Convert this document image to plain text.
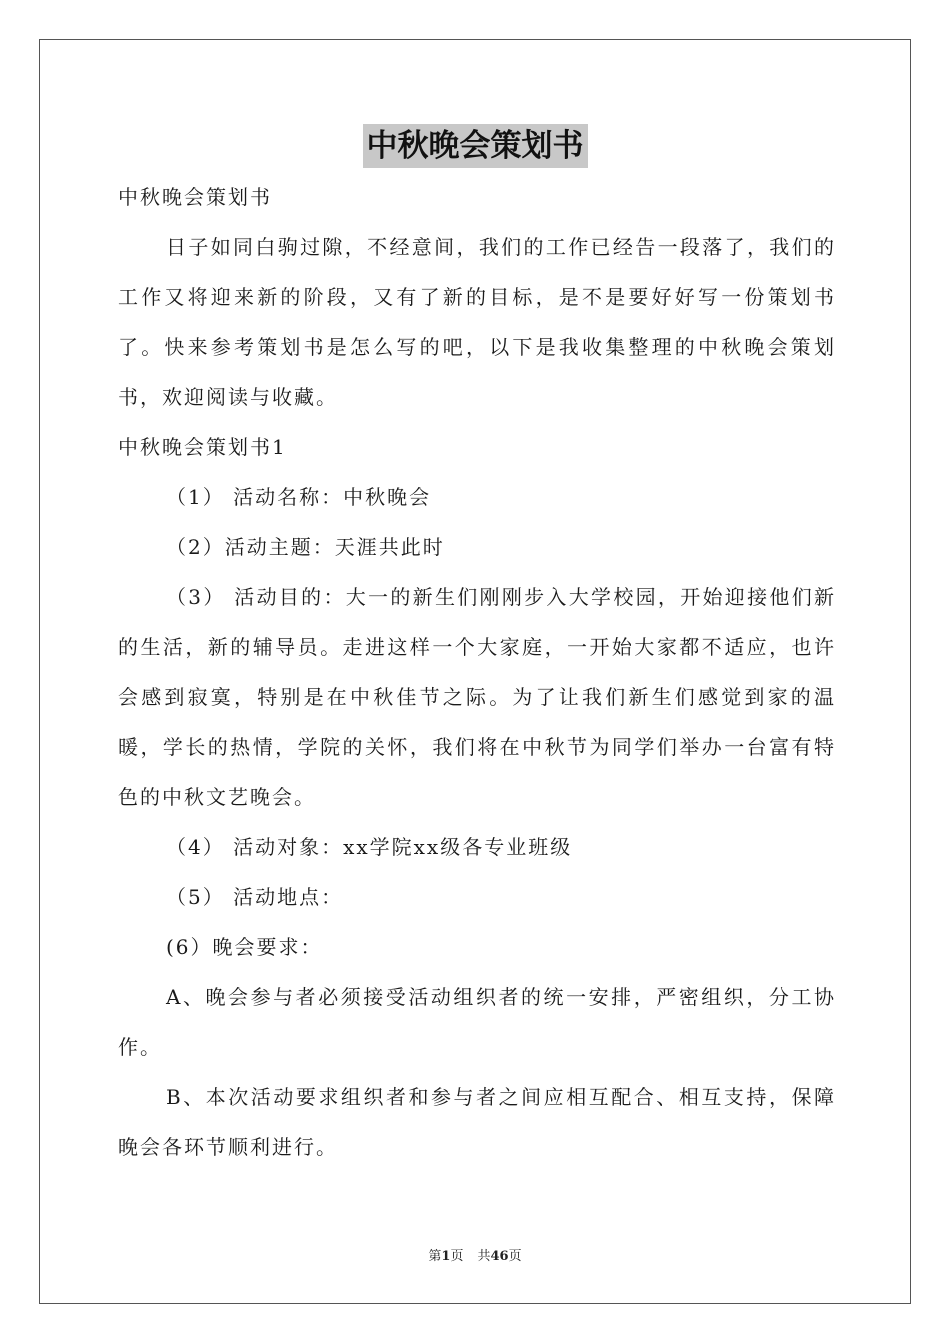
中秋晚会策划书

中秋晚会策划书

日子如同白驹过隙，不经意间，我们的工作已经告一段落了，我们的工作又将迎来新的阶段，又有了新的目标，是不是要好好写一份策划书了。快来参考策划书是怎么写的吧，以下是我收集整理的中秋晚会策划书，欢迎阅读与收藏。

中秋晚会策划书1

（1） 活动名称：中秋晚会

（2）活动主题：天涯共此时

（3） 活动目的：大一的新生们刚刚步入大学校园，开始迎接他们新的生活，新的辅导员。走进这样一个大家庭，一开始大家都不适应，也许会感到寂寞，特别是在中秋佳节之际。为了让我们新生们感觉到家的温暖，学长的热情，学院的关怀，我们将在中秋节为同学们举办一台富有特色的中秋文艺晚会。

（4） 活动对象：xx学院xx级各专业班级

（5） 活动地点：

(6）晚会要求：

A、晚会参与者必须接受活动组织者的统一安排，严密组织，分工协作。

B、本次活动要求组织者和参与者之间应相互配合、相互支持，保障晚会各环节顺利进行。

第1页 共46页
